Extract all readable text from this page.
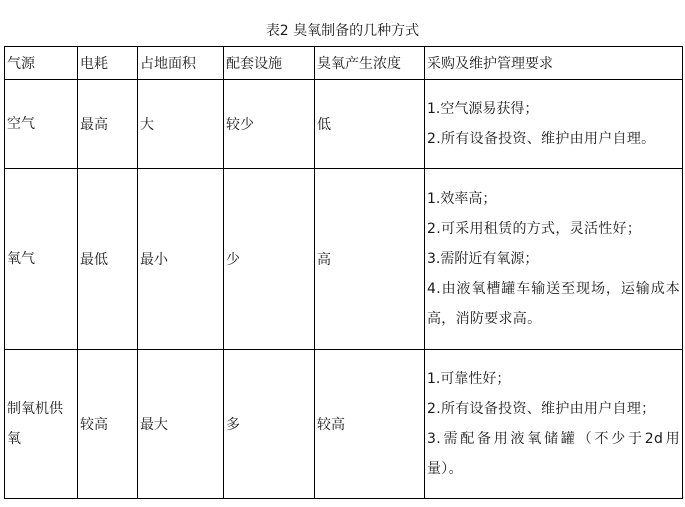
表2 臭氧制备的几种方式
气源	电耗	占地面积	配套设施	臭氧产生浓度	采购及维护管理要求

空气	最高	大	较少	低	1.空气源易获得；
2.所有设备投资、维护由用户自理。

氧气	最低	最小	少	高	1.效率高；
2.可采用租赁的方式，灵活性好；
3.需附近有氧源；
4.由液氧槽罐车输送至现场，运输成本高，消防要求高。

制氧机供氧	较高	最大	多	较高	1.可靠性好；
2.所有设备投资、维护由用户自理；
3.需配备用液氧储罐（不少于2d用量）。
